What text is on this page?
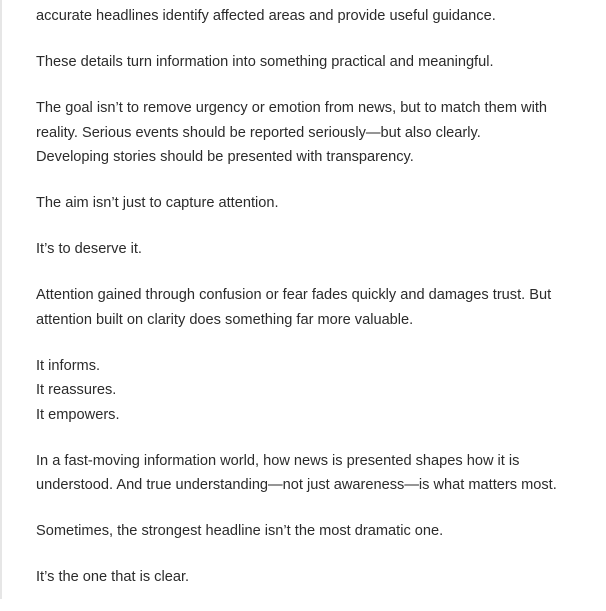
accurate headlines identify affected areas and provide useful guidance.

These details turn information into something practical and meaningful.

The goal isn’t to remove urgency or emotion from news, but to match them with
reality. Serious events should be reported seriously—but also clearly.
Developing stories should be presented with transparency.

The aim isn’t just to capture attention.

It’s to deserve it.

Attention gained through confusion or fear fades quickly and damages trust. But
attention built on clarity does something far more valuable.

It informs.
It reassures.
It empowers.

In a fast-moving information world, how news is presented shapes how it is
understood. And true understanding—not just awareness—is what matters most.

Sometimes, the strongest headline isn’t the most dramatic one.

It’s the one that is clear.
